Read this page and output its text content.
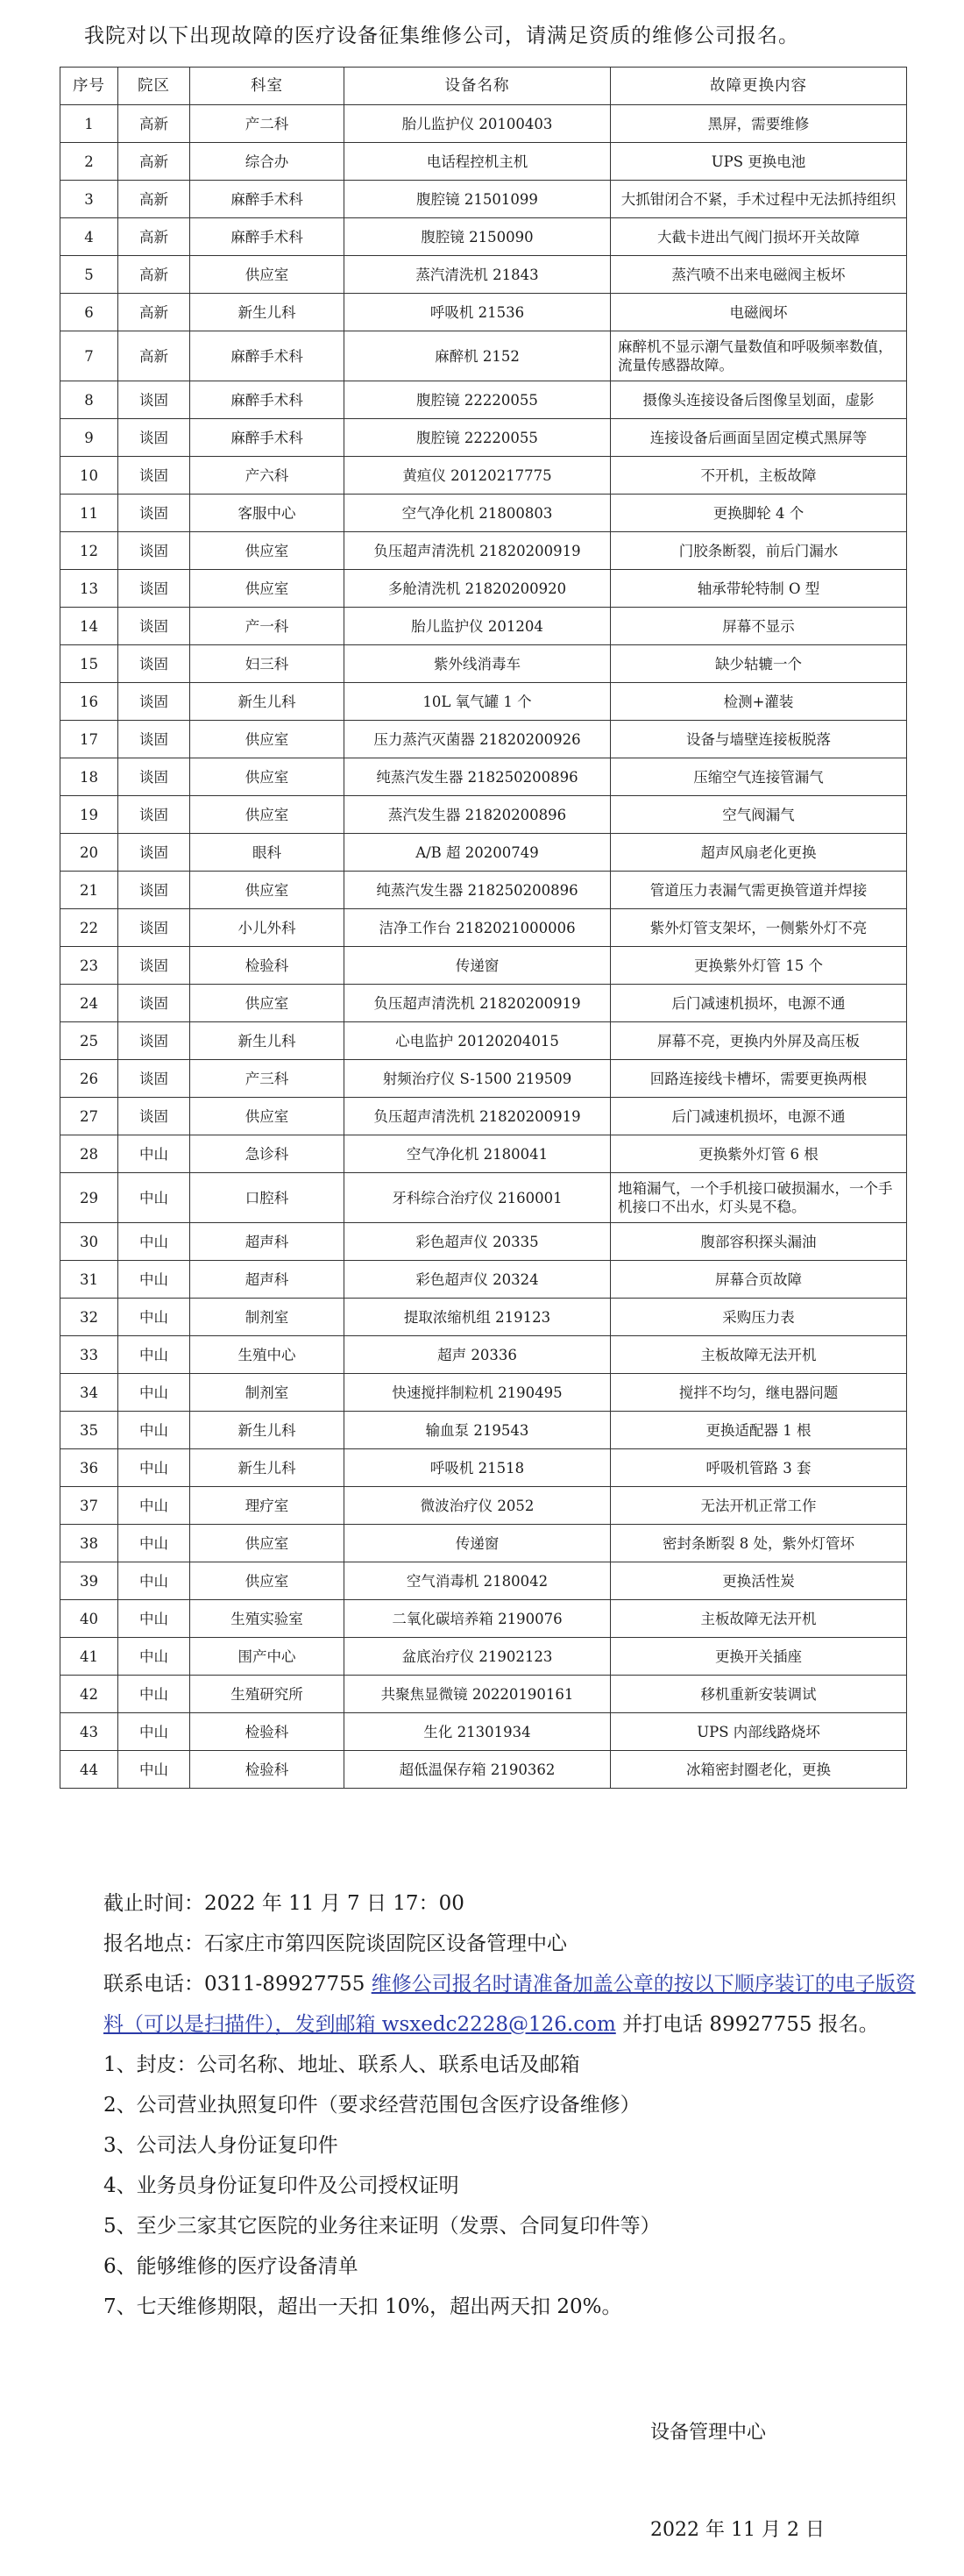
我院对以下出现故障的医疗设备征集维修公司，请满足资质的维修公司报名。
序号	院区	科室	设备名称	故障更换内容
1	高新	产二科	胎儿监护仪 20100403	黑屏，需要维修
2	高新	综合办	电话程控机主机	UPS 更换电池
3	高新	麻醉手术科	腹腔镜 21501099	大抓钳闭合不紧，手术过程中无法抓持组织
4	高新	麻醉手术科	腹腔镜 2150090	大截卡进出气阀门损坏开关故障
5	高新	供应室	蒸汽清洗机 21843	蒸汽喷不出来电磁阀主板坏
6	高新	新生儿科	呼吸机 21536	电磁阀坏
7	高新	麻醉手术科	麻醉机 2152	麻醉机不显示潮气量数值和呼吸频率数值，流量传感器故障。
8	谈固	麻醉手术科	腹腔镜 22220055	摄像头连接设备后图像呈划面，虚影
9	谈固	麻醉手术科	腹腔镜 22220055	连接设备后画面呈固定模式黑屏等
10	谈固	产六科	黄疸仪 20120217775	不开机，主板故障
11	谈固	客服中心	空气净化机 21800803	更换脚轮 4 个
12	谈固	供应室	负压超声清洗机 21820200919	门胶条断裂，前后门漏水
13	谈固	供应室	多舱清洗机 21820200920	轴承带轮特制 O 型
14	谈固	产一科	胎儿监护仪 201204	屏幕不显示
15	谈固	妇三科	紫外线消毒车	缺少轱辘一个
16	谈固	新生儿科	10L 氧气罐 1 个	检测+灌装
17	谈固	供应室	压力蒸汽灭菌器 21820200926	设备与墙壁连接板脱落
18	谈固	供应室	纯蒸汽发生器 218250200896	压缩空气连接管漏气
19	谈固	供应室	蒸汽发生器 21820200896	空气阀漏气
20	谈固	眼科	A/B 超 20200749	超声风扇老化更换
21	谈固	供应室	纯蒸汽发生器 218250200896	管道压力表漏气需更换管道并焊接
22	谈固	小儿外科	洁净工作台 2182021000006	紫外灯管支架坏，一侧紫外灯不亮
23	谈固	检验科	传递窗	更换紫外灯管 15 个
24	谈固	供应室	负压超声清洗机 21820200919	后门减速机损坏，电源不通
25	谈固	新生儿科	心电监护 20120204015	屏幕不亮，更换内外屏及高压板
26	谈固	产三科	射频治疗仪 S-1500 219509	回路连接线卡槽坏，需要更换两根
27	谈固	供应室	负压超声清洗机 21820200919	后门减速机损坏，电源不通
28	中山	急诊科	空气净化机 2180041	更换紫外灯管 6 根
29	中山	口腔科	牙科综合治疗仪 2160001	地箱漏气，一个手机接口破损漏水，一个手机接口不出水，灯头晃不稳。
30	中山	超声科	彩色超声仪 20335	腹部容积探头漏油
31	中山	超声科	彩色超声仪 20324	屏幕合页故障
32	中山	制剂室	提取浓缩机组 219123	采购压力表
33	中山	生殖中心	超声 20336	主板故障无法开机
34	中山	制剂室	快速搅拌制粒机 2190495	搅拌不均匀，继电器问题
35	中山	新生儿科	输血泵 219543	更换适配器 1 根
36	中山	新生儿科	呼吸机 21518	呼吸机管路 3 套
37	中山	理疗室	微波治疗仪 2052	无法开机正常工作
38	中山	供应室	传递窗	密封条断裂 8 处，紫外灯管坏
39	中山	供应室	空气消毒机 2180042	更换活性炭
40	中山	生殖实验室	二氧化碳培养箱 2190076	主板故障无法开机
41	中山	围产中心	盆底治疗仪 21902123	更换开关插座
42	中山	生殖研究所	共聚焦显微镜 20220190161	移机重新安装调试
43	中山	检验科	生化 21301934	UPS 内部线路烧坏
44	中山	检验科	超低温保存箱 2190362	冰箱密封圈老化，更换

截止时间：2022 年 11 月 7 日 17：00

报名地点：石家庄市第四医院谈固院区设备管理中心

联系电话：0311-89927755 维修公司报名时请准备加盖公章的按以下顺序装订的电子版资料（可以是扫描件），发到邮箱 wsxedc2228@126.com 并打电话 89927755 报名。

1、封皮：公司名称、地址、联系人、联系电话及邮箱

2、公司营业执照复印件（要求经营范围包含医疗设备维修）

3、公司法人身份证复印件

4、业务员身份证复印件及公司授权证明

5、至少三家其它医院的业务往来证明（发票、合同复印件等）

6、能够维修的医疗设备清单

7、七天维修期限，超出一天扣 10%，超出两天扣 20%。

设备管理中心
2022 年 11 月 2 日
